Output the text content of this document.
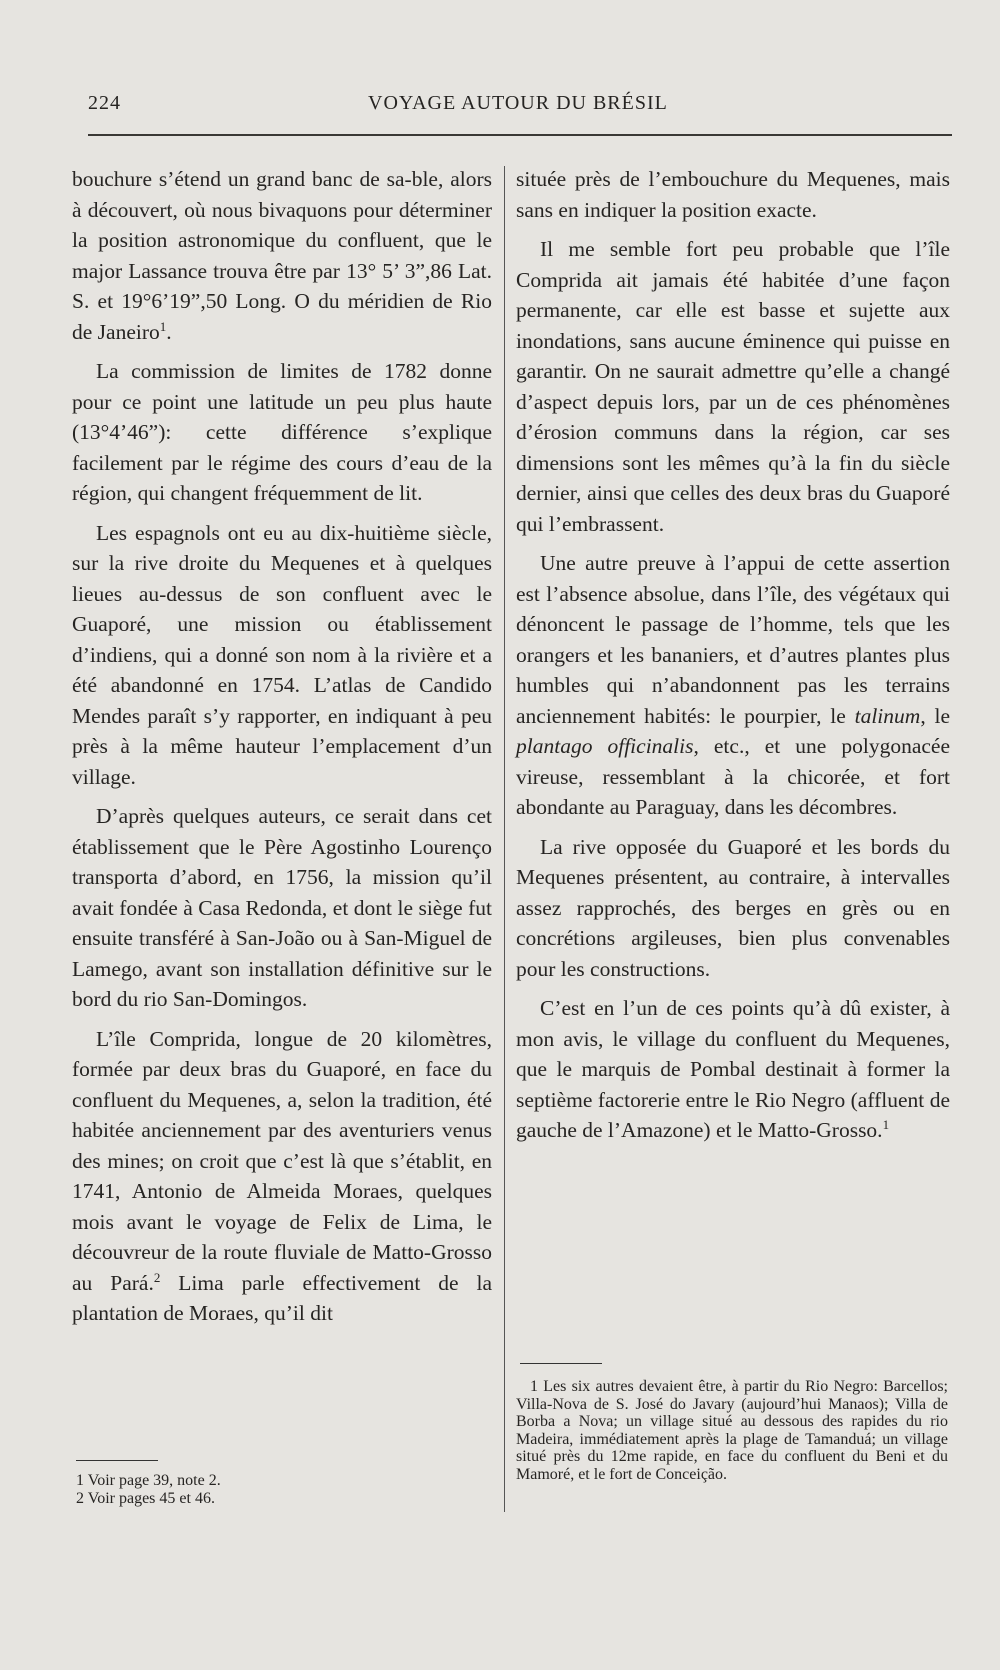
224	VOYAGE AUTOUR DU BRÉSIL

bouchure s’étend un grand banc de sa-ble, alors à découvert, où nous bivaquons pour déterminer la position astronomique du confluent, que le major Lassance trouva être par 13° 5’ 3”,86 Lat. S. et 19°6’19”,50 Long. O du méridien de Rio de Janeiro$^1$.

La commission de limites de 1782 donne pour ce point une latitude un peu plus haute (13°4’46”): cette différence s’explique facilement par le régime des cours d’eau de la région, qui changent fréquemment de lit.

Les espagnols ont eu au dix-huitième siècle, sur la rive droite du Mequenes et à quelques lieues au-dessus de son confluent avec le Guaporé, une mission ou établissement d’indiens, qui a donné son nom à la rivière et a été abandonné en 1754. L’atlas de Candido Mendes paraît s’y rapporter, en indiquant à peu près à la même hauteur l’emplacement d’un village.

D’après quelques auteurs, ce serait dans cet établissement que le Père Agostinho Lourenço transporta d’abord, en 1756, la mission qu’il avait fondée à Casa Redonda, et dont le siège fut ensuite transféré à San-João ou à San-Miguel de Lamego, avant son installation définitive sur le bord du rio San-Domingos.

L’île Comprida, longue de 20 kilomètres, formée par deux bras du Guaporé, en face du confluent du Mequenes, a, selon la tradition, été habitée anciennement par des aventuriers venus des mines; on croit que c’est là que s’établit, en 1741, Antonio de Almeida Moraes, quelques mois avant le voyage de Felix de Lima, le découvreur de la route fluviale de Matto-Grosso au Pará.$^2$ Lima parle effectivement de la plantation de Moraes, qu’il dit

située près de l’embouchure du Mequenes, mais sans en indiquer la position exacte.

Il me semble fort peu probable que l’île Comprida ait jamais été habitée d’une façon permanente, car elle est basse et sujette aux inondations, sans aucune éminence qui puisse en garantir. On ne saurait admettre qu’elle a changé d’aspect depuis lors, par un de ces phénomènes d’érosion communs dans la région, car ses dimensions sont les mêmes qu’à la fin du siècle dernier, ainsi que celles des deux bras du Guaporé qui l’embrassent.

Une autre preuve à l’appui de cette assertion est l’absence absolue, dans l’île, des végétaux qui dénoncent le passage de l’homme, tels que les orangers et les bananiers, et d’autres plantes plus humbles qui n’abandonnent pas les terrains anciennement habités: le pourpier, le talinum, le plantago officinalis, etc., et une polygonacée vireuse, ressemblant à la chicorée, et fort abondante au Paraguay, dans les décombres.

La rive opposée du Guaporé et les bords du Mequenes présentent, au contraire, à intervalles assez rapprochés, des berges en grès ou en concrétions argileuses, bien plus convenables pour les constructions.

C’est en l’un de ces points qu’à dû exister, à mon avis, le village du confluent du Mequenes, que le marquis de Pombal destinait à former la septième factorerie entre le Rio Negro (affluent de gauche de l’Amazone) et le Matto-Grosso.$^1$

1 Voir page 39, note 2.
2 Voir pages 45 et 46.
1 Les six autres devaient être, à partir du Rio Negro: Barcellos; Villa-Nova de S. José do Javary (aujourd’hui Manaos); Villa de Borba a Nova; un village situé au dessous des rapides du rio Madeira, immédiatement après la plage de Tamanduá; un village situé près du 12me rapide, en face du confluent du Beni et du Mamoré, et le fort de Conceição.
